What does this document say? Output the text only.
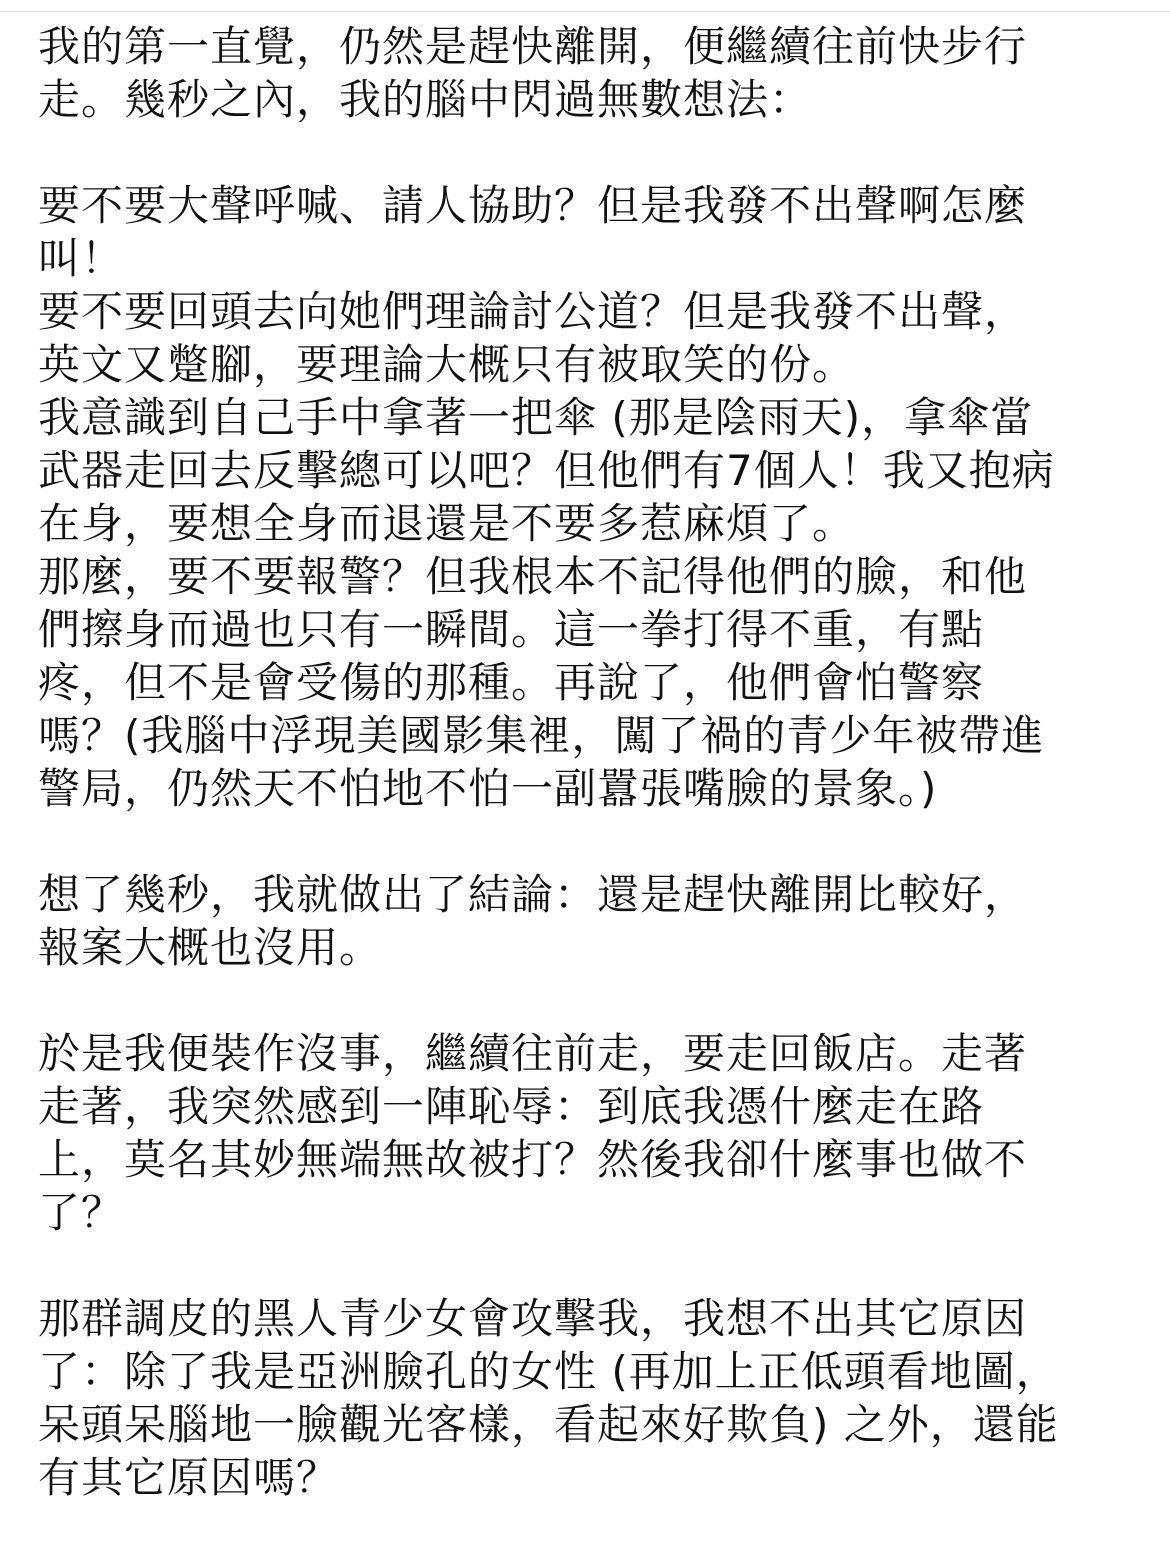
我的第一直覺，仍然是趕快離開，便繼續往前快步行
走。幾秒之內，我的腦中閃過無數想法：
要不要大聲呼喊、請人協助？但是我發不出聲啊怎麼
叫！
要不要回頭去向她們理論討公道？但是我發不出聲，
英文又蹩腳，要理論大概只有被取笑的份。
我意識到自己手中拿著一把傘 (那是陰雨天)，拿傘當
武器走回去反擊總可以吧？但他們有7個人！我又抱病
在身，要想全身而退還是不要多惹麻煩了。
那麼，要不要報警？但我根本不記得他們的臉，和他
們擦身而過也只有一瞬間。這一拳打得不重，有點
疼，但不是會受傷的那種。再說了，他們會怕警察
嗎？(我腦中浮現美國影集裡，闖了禍的青少年被帶進
警局，仍然天不怕地不怕一副囂張嘴臉的景象。)
想了幾秒，我就做出了結論：還是趕快離開比較好，
報案大概也沒用。
於是我便裝作沒事，繼續往前走，要走回飯店。走著
走著，我突然感到一陣恥辱：到底我憑什麼走在路
上，莫名其妙無端無故被打？然後我卻什麼事也做不
了？
那群調皮的黑人青少女會攻擊我，我想不出其它原因
了：除了我是亞洲臉孔的女性 (再加上正低頭看地圖，
呆頭呆腦地一臉觀光客樣，看起來好欺負) 之外，還能
有其它原因嗎？
